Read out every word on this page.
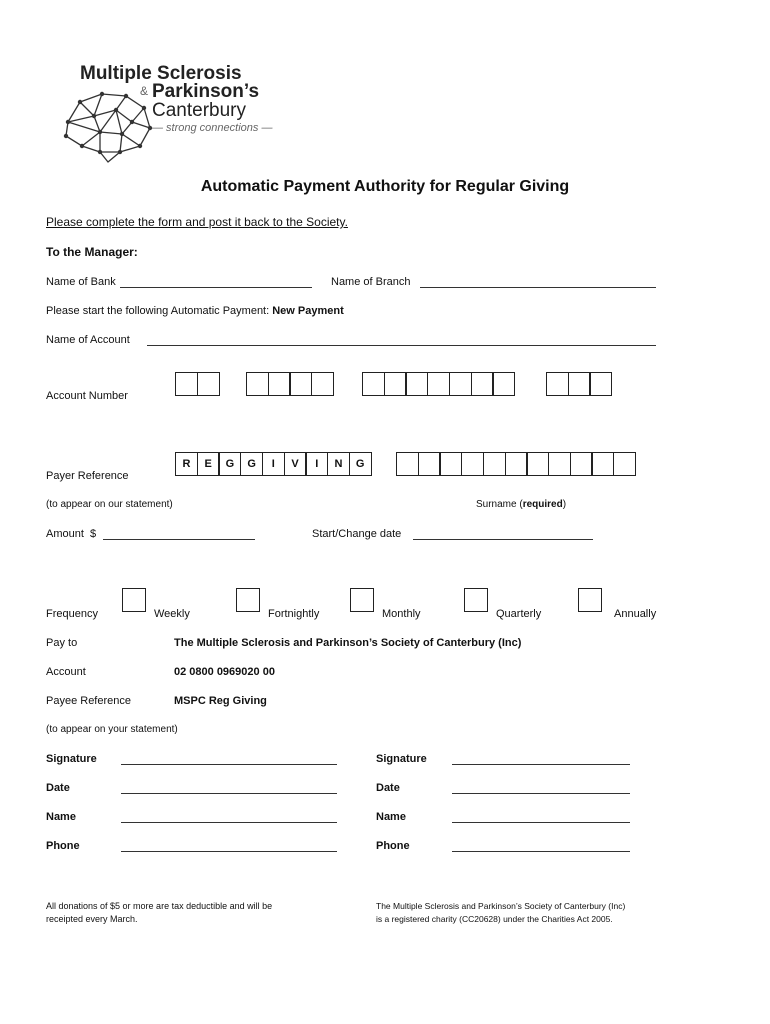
Multiple Sclerosis
& Parkinson’s
Canterbury
— strong connections —
Automatic Payment Authority for Regular Giving
Please complete the form and post it back to the Society.
To the Manager:
Name of Bank	Name of Branch
Please start the following Automatic Payment: New Payment
Name of Account
Account Number
Payer Reference
R	E	G	G	I	V	I	N	G
(to appear on our statement)	Surname (required)
Amount $	Start/Change date
Frequency	Weekly	Fortnightly	Monthly	Quarterly	Annually
Pay to	The Multiple Sclerosis and Parkinson’s Society of Canterbury (Inc)
Account	02 0800 0969020 00
Payee Reference	MSPC Reg Giving
(to appear on your statement)
Signature
Date
Name
Phone
Signature
Date
Name
Phone
All donations of $5 or more are tax deductible and will be
receipted every March.
The Multiple Sclerosis and Parkinson’s Society of Canterbury (Inc)
is a registered charity (CC20628) under the Charities Act 2005.
